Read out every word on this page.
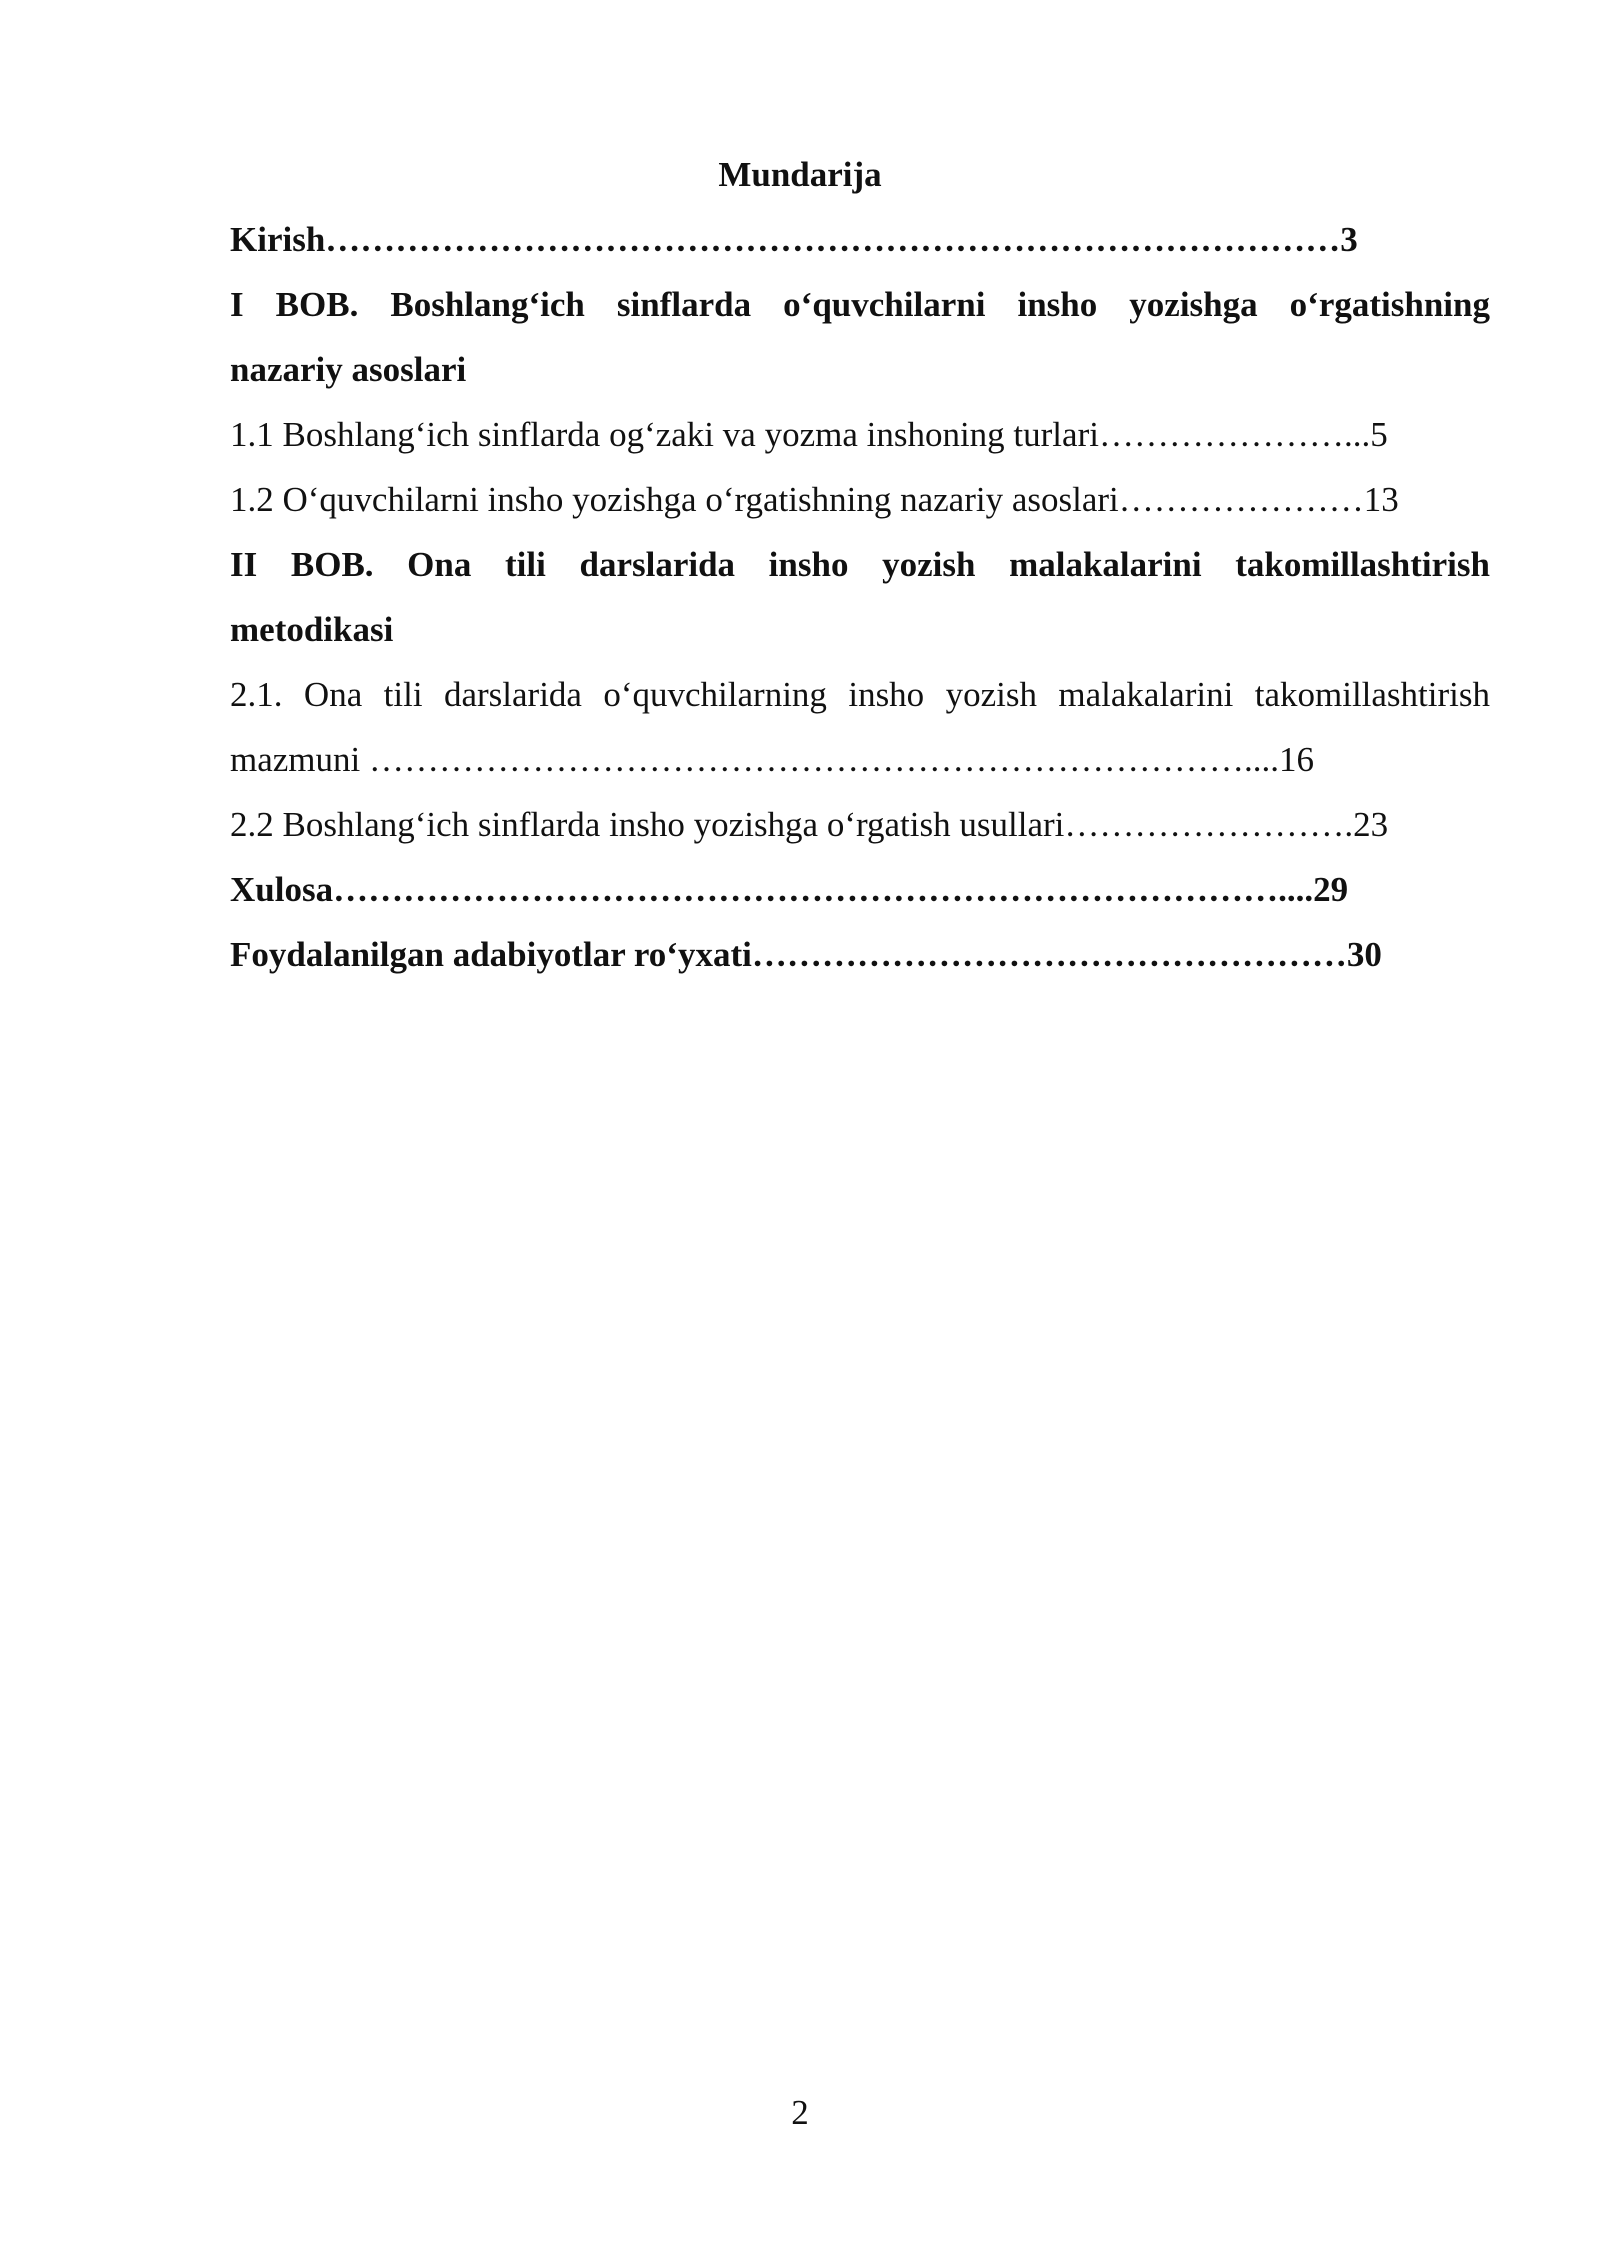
Mundarija
Kirish……………………………………………………………………………3
I BOB. Boshlang‘ich sinflarda o‘quvchilarni insho yozishga o‘rgatishning
nazariy asoslari
1.1 Boshlang‘ich sinflarda og‘zaki va yozma inshoning turlari…………………...5
1.2 O‘quvchilarni insho yozishga o‘rgatishning nazariy asoslari…………………13
II BOB. Ona tili darslarida insho yozish malakalarini takomillashtirish
metodikasi
2.1. Ona tili darslarida o‘quvchilarning insho yozish malakalarini takomillashtirish
mazmuni …………………………………………………………………....16
2.2 Boshlang‘ich sinflarda insho yozishga o‘rgatish usullari…………………….23
Xulosa………………………………………………………………………....29
Foydalanilgan adabiyotlar ro‘yxati……………………………………………30
2
